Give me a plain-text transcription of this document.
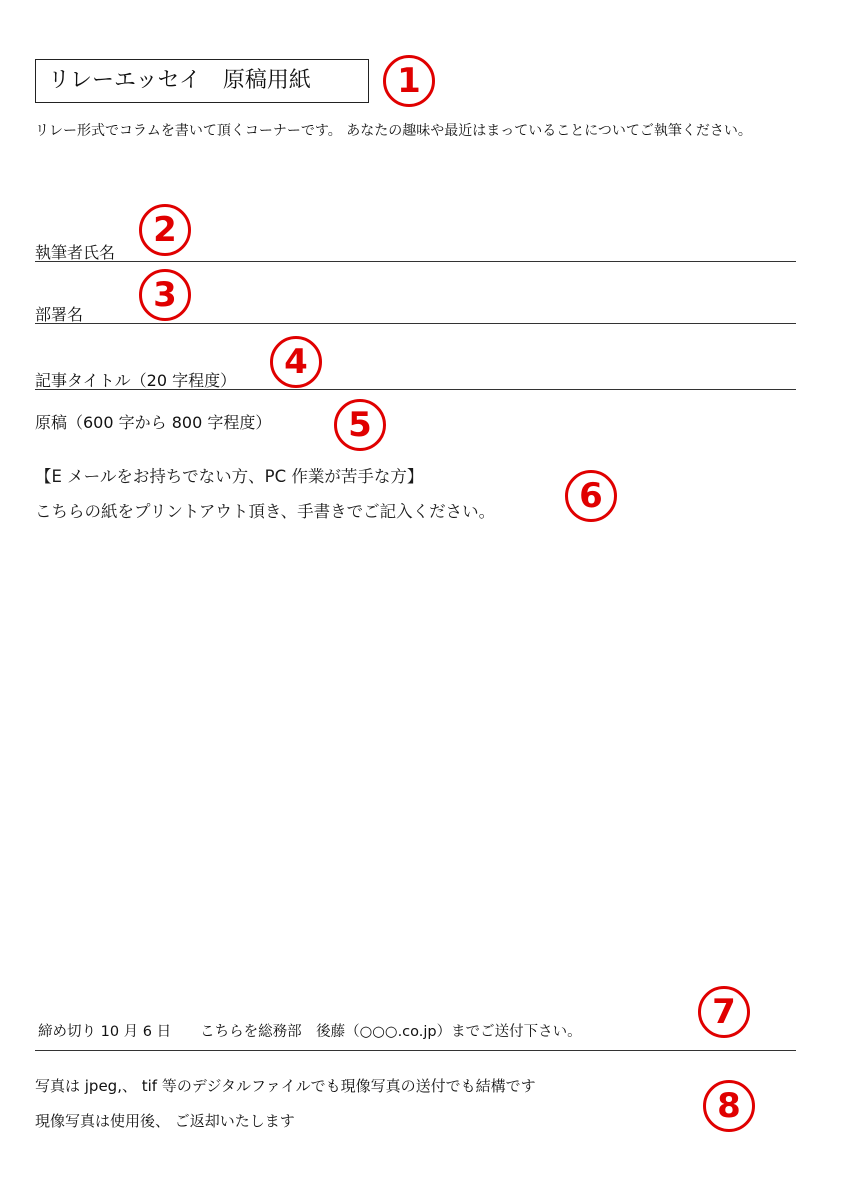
リレーエッセイ　原稿用紙	1
リレー形式でコラムを書いて頂くコーナーです。 あなたの趣味や最近はまっていることについてご執筆ください。
執筆者氏名
2
部署名	3
記事タイトル（20 字程度）	4
原稿（600 字から 800 字程度）	5
【E メールをお持ちでない方、PC 作業が苦手な方】
こちらの紙をプリントアウト頂き、手書きでご記入ください。	6
締め切り 10 月 6 日　　こちらを総務部　後藤（○○○.co.jp）までご送付下さい。	7
写真は jpeg,、 tif 等のデジタルファイルでも現像写真の送付でも結構です
現像写真は使用後、 ご返却いたします	8
